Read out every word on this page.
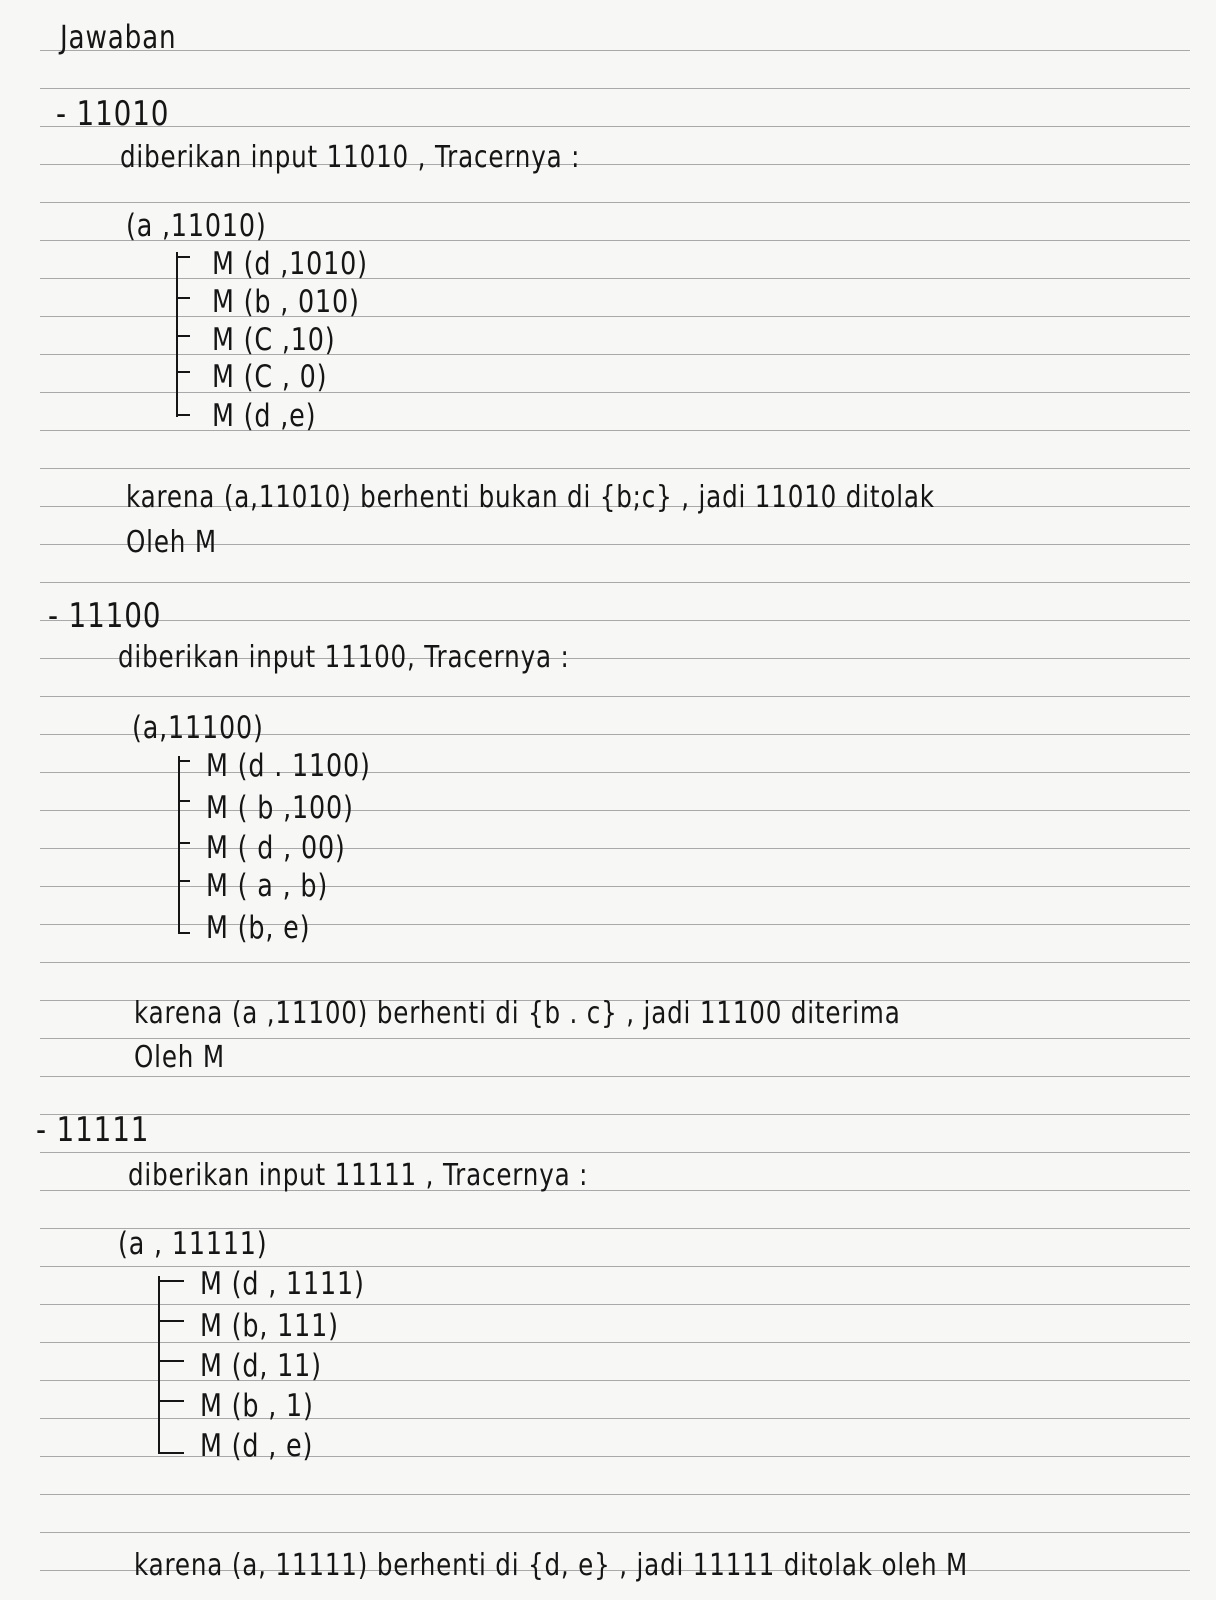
Jawaban
- 11010
diberikan input 11010 , Tracernya :
(a ,11010)
M (d ,1010)
M (b , 010)
M (C ,10)
M (C , 0)
M (d ,e)
karena (a,11010) berhenti bukan di {b;c} , jadi 11010 ditolak
Oleh M
- 11100
diberikan input 11100, Tracernya :
(a,11100)
M (d . 1100)
M ( b ,100)
M ( d , 00)
M ( a , b)
M (b, e)
karena (a ,11100) berhenti di {b . c} , jadi 11100 diterima
Oleh M
- 11111
diberikan input 11111 , Tracernya :
(a , 11111)
M (d , 1111)
M (b, 111)
M (d, 11)
M (b , 1)
M (d , e)
karena (a, 11111) berhenti di {d, e} , jadi 11111 ditolak oleh M
